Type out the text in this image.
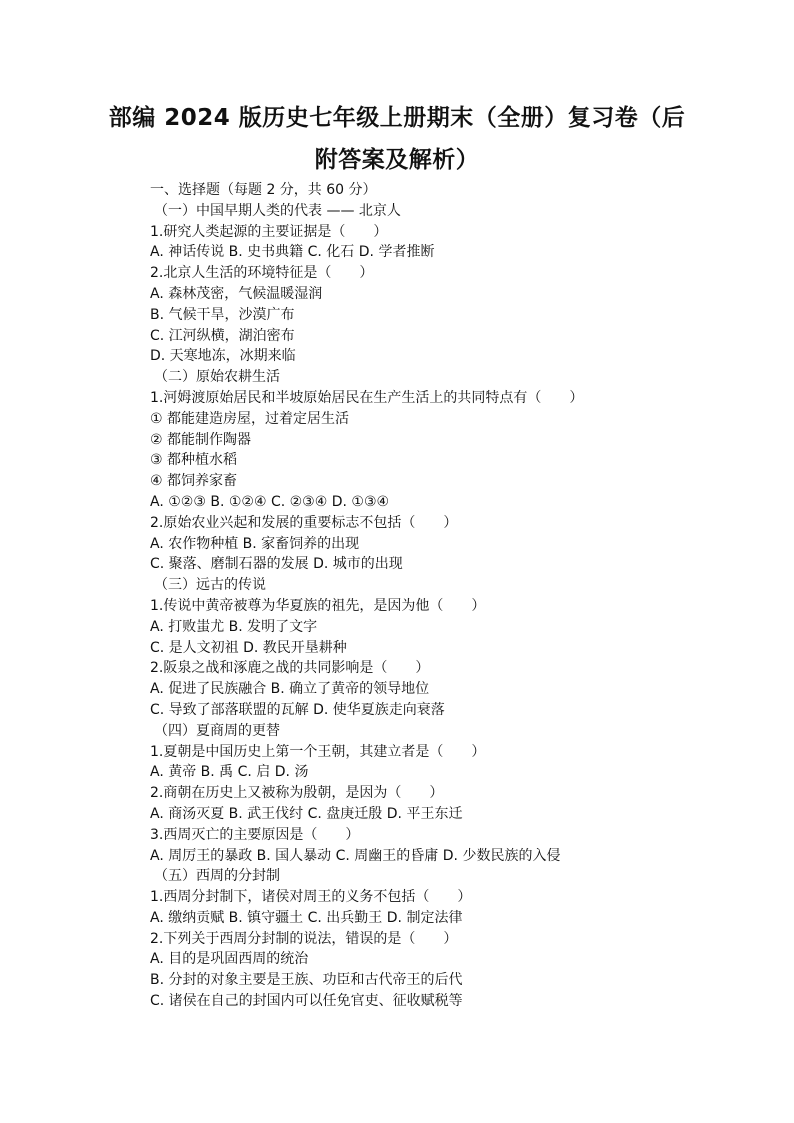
部编 2024 版历史七年级上册期末（全册）复习卷（后
附答案及解析）
一、选择题（每题 2 分，共 60 分）
（一）中国早期人类的代表 —— 北京人
1.研究人类起源的主要证据是（　　）
A. 神话传说 B. 史书典籍 C. 化石 D. 学者推断
2.北京人生活的环境特征是（　　）
A. 森林茂密，气候温暖湿润
B. 气候干旱，沙漠广布
C. 江河纵横，湖泊密布
D. 天寒地冻，冰期来临
（二）原始农耕生活
1.河姆渡原始居民和半坡原始居民在生产生活上的共同特点有（　　）
① 都能建造房屋，过着定居生活
② 都能制作陶器
③ 都种植水稻
④ 都饲养家畜
A. ①②③ B. ①②④ C. ②③④ D. ①③④
2.原始农业兴起和发展的重要标志不包括（　　）
A. 农作物种植 B. 家畜饲养的出现
C. 聚落、磨制石器的发展 D. 城市的出现
（三）远古的传说
1.传说中黄帝被尊为华夏族的祖先，是因为他（　　）
A. 打败蚩尤 B. 发明了文字
C. 是人文初祖 D. 教民开垦耕种
2.阪泉之战和涿鹿之战的共同影响是（　　）
A. 促进了民族融合 B. 确立了黄帝的领导地位
C. 导致了部落联盟的瓦解 D. 使华夏族走向衰落
（四）夏商周的更替
1.夏朝是中国历史上第一个王朝，其建立者是（　　）
A. 黄帝 B. 禹 C. 启 D. 汤
2.商朝在历史上又被称为殷朝，是因为（　　）
A. 商汤灭夏 B. 武王伐纣 C. 盘庚迁殷 D. 平王东迁
3.西周灭亡的主要原因是（　　）
A. 周厉王的暴政 B. 国人暴动 C. 周幽王的昏庸 D. 少数民族的入侵
（五）西周的分封制
1.西周分封制下，诸侯对周王的义务不包括（　　）
A. 缴纳贡赋 B. 镇守疆土 C. 出兵勤王 D. 制定法律
2.下列关于西周分封制的说法，错误的是（　　）
A. 目的是巩固西周的统治
B. 分封的对象主要是王族、功臣和古代帝王的后代
C. 诸侯在自己的封国内可以任免官吏、征收赋税等
